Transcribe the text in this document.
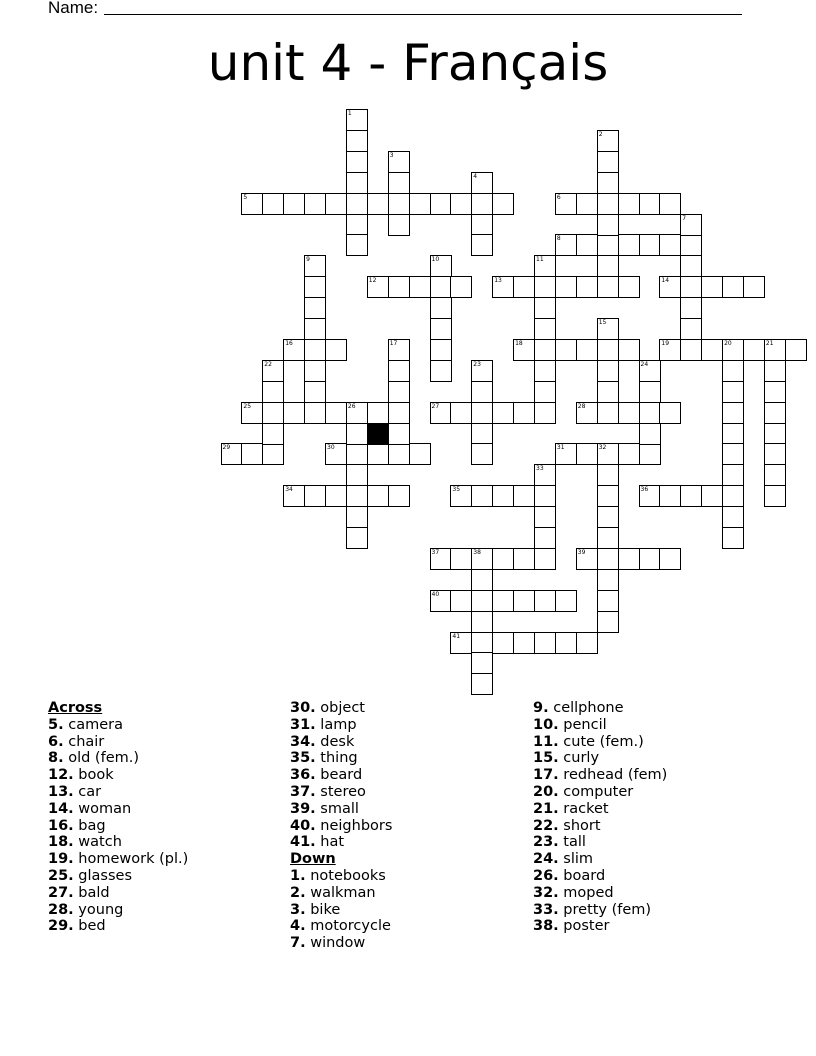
Name:
unit 4 - Français
5	6
8
12	13	14
16	18	19	20	21
25	26	27	28
29	30	31	32
34	35	36
37	38	39
40
41
1
2
3
4
7
9	10	11
15
17
22	23	24
33
Across
5. camera
6. chair
8. old (fem.)
12. book
13. car
14. woman
16. bag
18. watch
19. homework (pl.)
25. glasses
27. bald
28. young
29. bed
30. object
31. lamp
34. desk
35. thing
36. beard
37. stereo
39. small
40. neighbors
41. hat
Down
1. notebooks
2. walkman
3. bike
4. motorcycle
7. window
9. cellphone
10. pencil
11. cute (fem.)
15. curly
17. redhead (fem)
20. computer
21. racket
22. short
23. tall
24. slim
26. board
32. moped
33. pretty (fem)
38. poster
